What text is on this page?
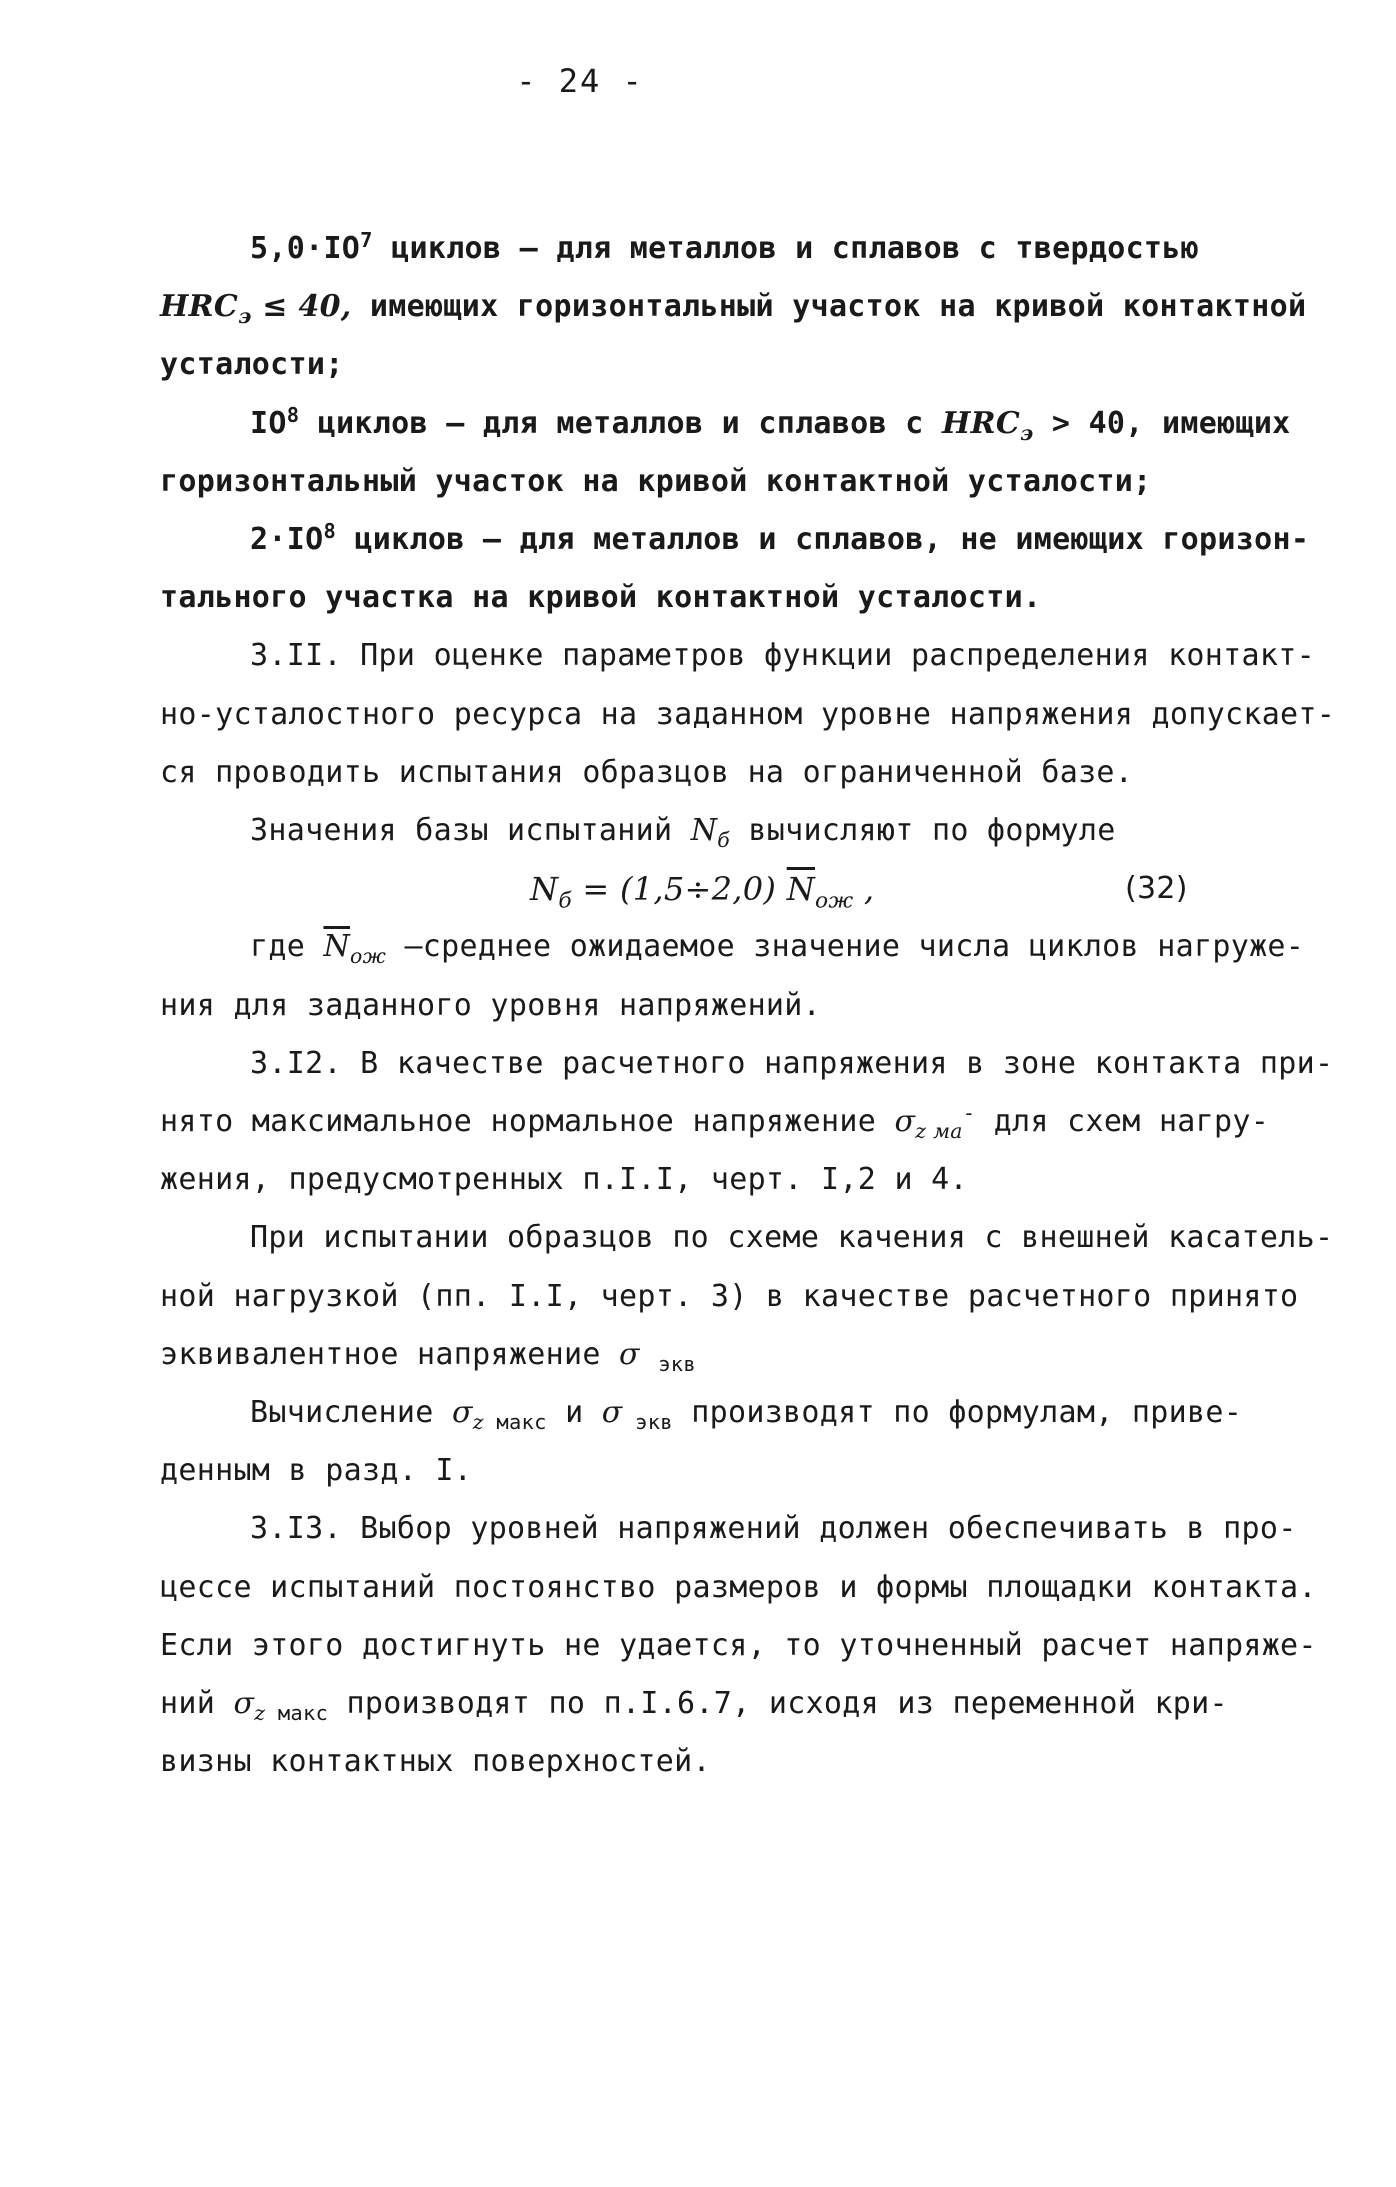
- 24 -
$5,0\cdot IO^7$ циклов – для металлов и сплавов с твердостью
$HRC_э \le 40$, имеющих горизонтальный участок на кривой контактной
усталости;
$IO^8$ циклов – для металлов и сплавов с $HRC_э > 40$, имеющих
горизонтальный участок на кривой контактной усталости;
$2\cdot IO^8$ циклов – для металлов и сплавов, не имеющих горизон-
тального участка на кривой контактной усталости.
3.II. При оценке параметров функции распределения контакт-
но-усталостного ресурса на заданном уровне напряжения допускает-
ся проводить испытания образцов на ограниченной базе.
Значения базы испытаний $N_б$ вычисляют по формуле
$N_б = (1,5\div 2,0)$ $\overline{N}_{ож}$ ,	(32)
где $\overline{N}_{ож}$ –среднее ожидаемое значение числа циклов нагруже-
ния для заданного уровня напряжений.
3.I2. В качестве расчетного напряжения в зоне контакта при-
нято максимальное нормальное напряжение $\sigma_{z ма}^-$ для схем нагру-
жения, предусмотренных п.I.I, черт. I,2 и 4.
При испытании образцов по схеме качения с внешней касатель-
ной нагрузкой (пп. I.I, черт. 3) в качестве расчетного принято
эквивалентное напряжение σ $_{экв}$
Вычисление $\sigma_z$ $_{макс}$ и σ $_{экв}$ производят по формулам, приве-
денным в разд. I.
3.I3. Выбор уровней напряжений должен обеспечивать в про-
цессе испытаний постоянство размеров и формы площадки контакта.
Если этого достигнуть не удается, то уточненный расчет напряже-
ний $\sigma_z$ $_{макс}$ производят по п.I.6.7, исходя из переменной кри-
визны контактных поверхностей.
